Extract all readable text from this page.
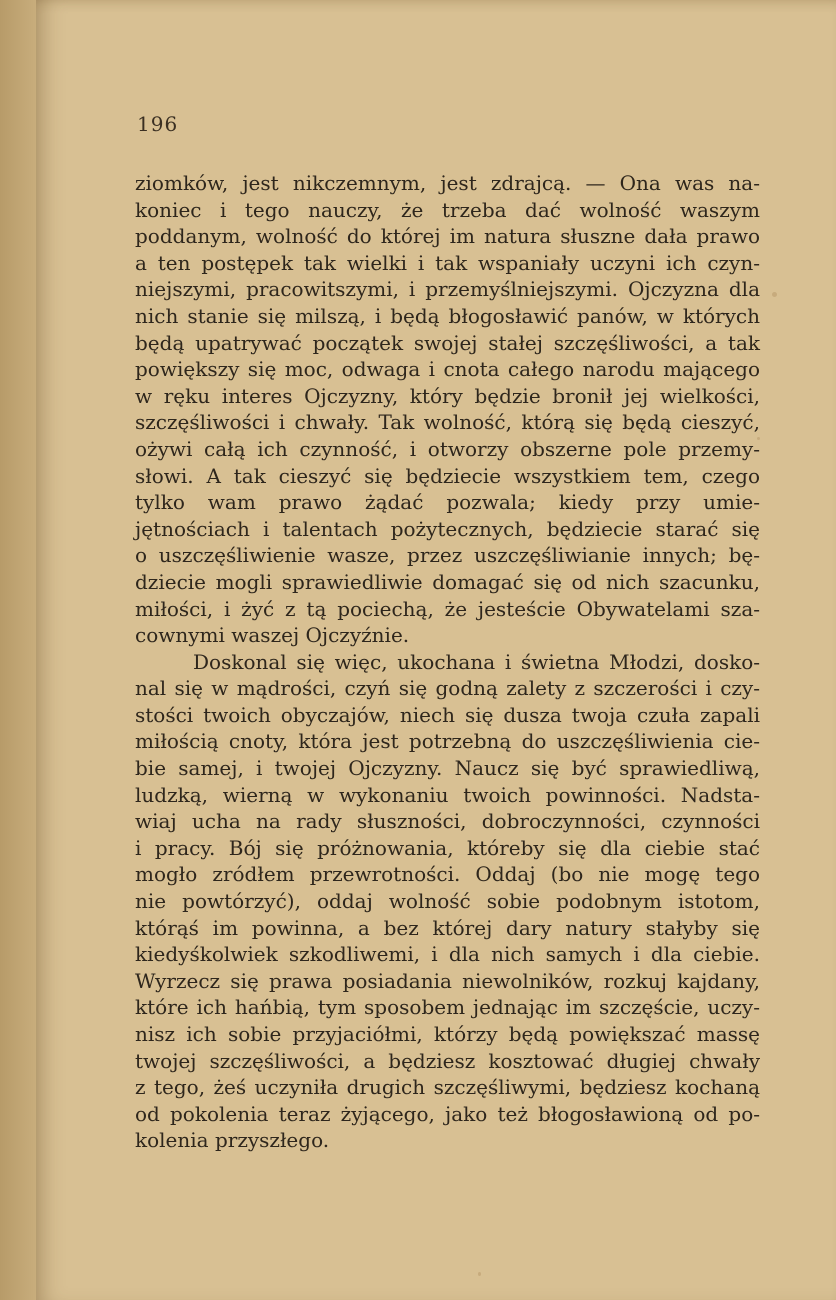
196
ziomków, jest nikczemnym, jest zdrajcą. — Ona was na-
koniec i tego nauczy, że trzeba dać wolność waszym
poddanym, wolność do której im natura słuszne dała prawo
a ten postępek tak wielki i tak wspaniały uczyni ich czyn-
niejszymi, pracowitszymi, i przemyślniejszymi. Ojczyzna dla
nich stanie się milszą, i będą błogosławić panów, w których
będą upatrywać początek swojej stałej szczęśliwości, a tak
powiększy się moc, odwaga i cnota całego narodu mającego
w ręku interes Ojczyzny, który będzie bronił jej wielkości,
szczęśliwości i chwały. Tak wolność, którą się będą cieszyć,
ożywi całą ich czynność, i otworzy obszerne pole przemy-
słowi. A tak cieszyć się będziecie wszystkiem tem, czego
tylko wam prawo żądać pozwala; kiedy przy umie-
jętnościach i talentach pożytecznych, będziecie starać się
o uszczęśliwienie wasze, przez uszczęśliwianie innych; bę-
dziecie mogli sprawiedliwie domagać się od nich szacunku,
miłości, i żyć z tą pociechą, że jesteście Obywatelami sza-
cownymi waszej Ojczyźnie.
Doskonal się więc, ukochana i świetna Młodzi, dosko-
nal się w mądrości, czyń się godną zalety z szczerości i czy-
stości twoich obyczajów, niech się dusza twoja czuła zapali
miłością cnoty, która jest potrzebną do uszczęśliwienia cie-
bie samej, i twojej Ojczyzny. Naucz się być sprawiedliwą,
ludzką, wierną w wykonaniu twoich powinności. Nadsta-
wiaj ucha na rady słuszności, dobroczynności, czynności
i pracy. Bój się próżnowania, któreby się dla ciebie stać
mogło zródłem przewrotności. Oddaj (bo nie mogę tego
nie powtórzyć), oddaj wolność sobie podobnym istotom,
którąś im powinna, a bez której dary natury stałyby się
kiedyśkolwiek szkodliwemi, i dla nich samych i dla ciebie.
Wyrzecz się prawa posiadania niewolników, rozkuj kajdany,
które ich hańbią, tym sposobem jednając im szczęście, uczy-
nisz ich sobie przyjaciółmi, którzy będą powiększać massę
twojej szczęśliwości, a będziesz kosztować długiej chwały
z tego, żeś uczyniła drugich szczęśliwymi, będziesz kochaną
od pokolenia teraz żyjącego, jako też błogosławioną od po-
kolenia przyszłego.
